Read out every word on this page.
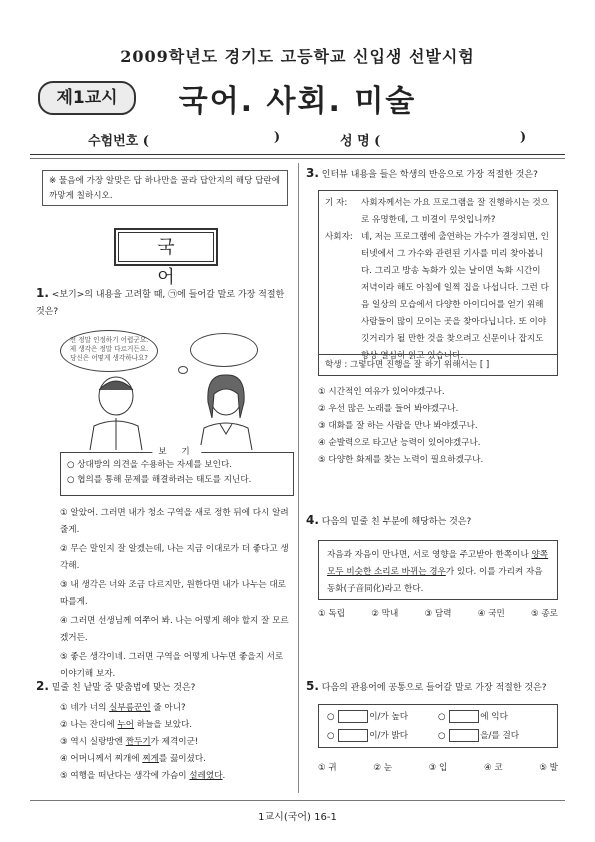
2009학년도 경기도 고등학교 신입생 선발시험
제1교시	국어. 사회. 미술
수험번호 (	)	성 명 (	)
※ 물음에 가장 알맞은 답 하나만을 골라 답안지의 해당 답란에 까맣게 칠하시오.
국 어
1. <보기>의 내용을 고려할 때, ㉠에 들어갈 말로 가장 적절한 것은?
전 정말 인정하기 어렵군요. 제 생각은 정말 다르거든요. 당신은 어떻게 생각하나요?
보 기
○ 상대방의 의견을 수용하는 자세를 보인다.
○ 협의를 통해 문제를 해결하려는 태도를 지닌다.
① 알았어. 그러면 내가 청소 구역을 새로 정한 뒤에 다시 알려줄게.
② 무슨 말인지 잘 알겠는데, 나는 지금 이대로가 더 좋다고 생각해.
③ 내 생각은 너와 조금 다르지만, 원한다면 내가 나누는 대로 따를게.
④ 그러면 선생님께 여쭈어 봐. 나는 어떻게 해야 할지 잘 모르겠거든.
⑤ 좋은 생각이네. 그러면 구역을 어떻게 나누면 좋을지 서로 이야기해 보자.
2. 밑줄 친 낱말 중 맞춤법에 맞는 것은?
① 네가 너의 실부름꾼인 줄 아니?
② 나는 잔디에 누어 하늘을 보았다.
③ 역시 실랑방엔 짠두기가 제격이군!
④ 어머니께서 찌개에 찌게를 끓이셨다.
⑤ 여행을 떠난다는 생각에 가슴이 설레였다.
3. 인터뷰 내용을 들은 학생의 반응으로 가장 적절한 것은?
기 자:	사회자께서는 가요 프로그램을 잘 진행하시는 것으로 유명한데, 그 비결이 무엇입니까?
사회자: 네, 저는 프로그램에 출연하는 가수가 결정되면, 인터넷에서 그 가수와 관련된 기사를 미리 찾아봅니다. 그리고 방송 녹화가 있는 날이면 녹화 시간이 저녁이라 해도 아침에 일찍 집을 나섭니다. 그런 다음 일상의 모습에서 다양한 아이디어를 얻기 위해 사람들이 많이 모이는 곳을 찾아다닙니다. 또 이야깃거리가 될 만한 것을 찾으려고 신문이나 잡지도 항상 열심히 읽고 있습니다.
학생 : 그렇다면 진행을 잘 하기 위해서는 [ ]
① 시간적인 여유가 있어야겠구나.
② 우선 많은 노래를 들어 봐야겠구나.
③ 대화를 잘 하는 사람을 만나 봐야겠구나.
④ 순발력으로 타고난 능력이 있어야겠구나.
⑤ 다양한 화제를 찾는 노력이 필요하겠구나.
4. 다음의 밑줄 친 부분에 해당하는 것은?
자음과 자음이 만나면, 서로 영향을 주고받아 한쪽이나 양쪽 모두 비슷한 소리로 바뀌는 경우가 있다. 이를 가리켜 자음 동화(子音同化)라고 한다.
① 독립	② 막내	③ 담력	④ 국민	⑤ 종로
5. 다음의 관용어에 공통으로 들어갈 말로 가장 적절한 것은?
○	이/가 높다	○	에 익다
○	이/가 밝다	○	을/를 걸다
① 귀	② 눈	③ 입	④ 코	⑤ 발
1교시(국어) 16-1
